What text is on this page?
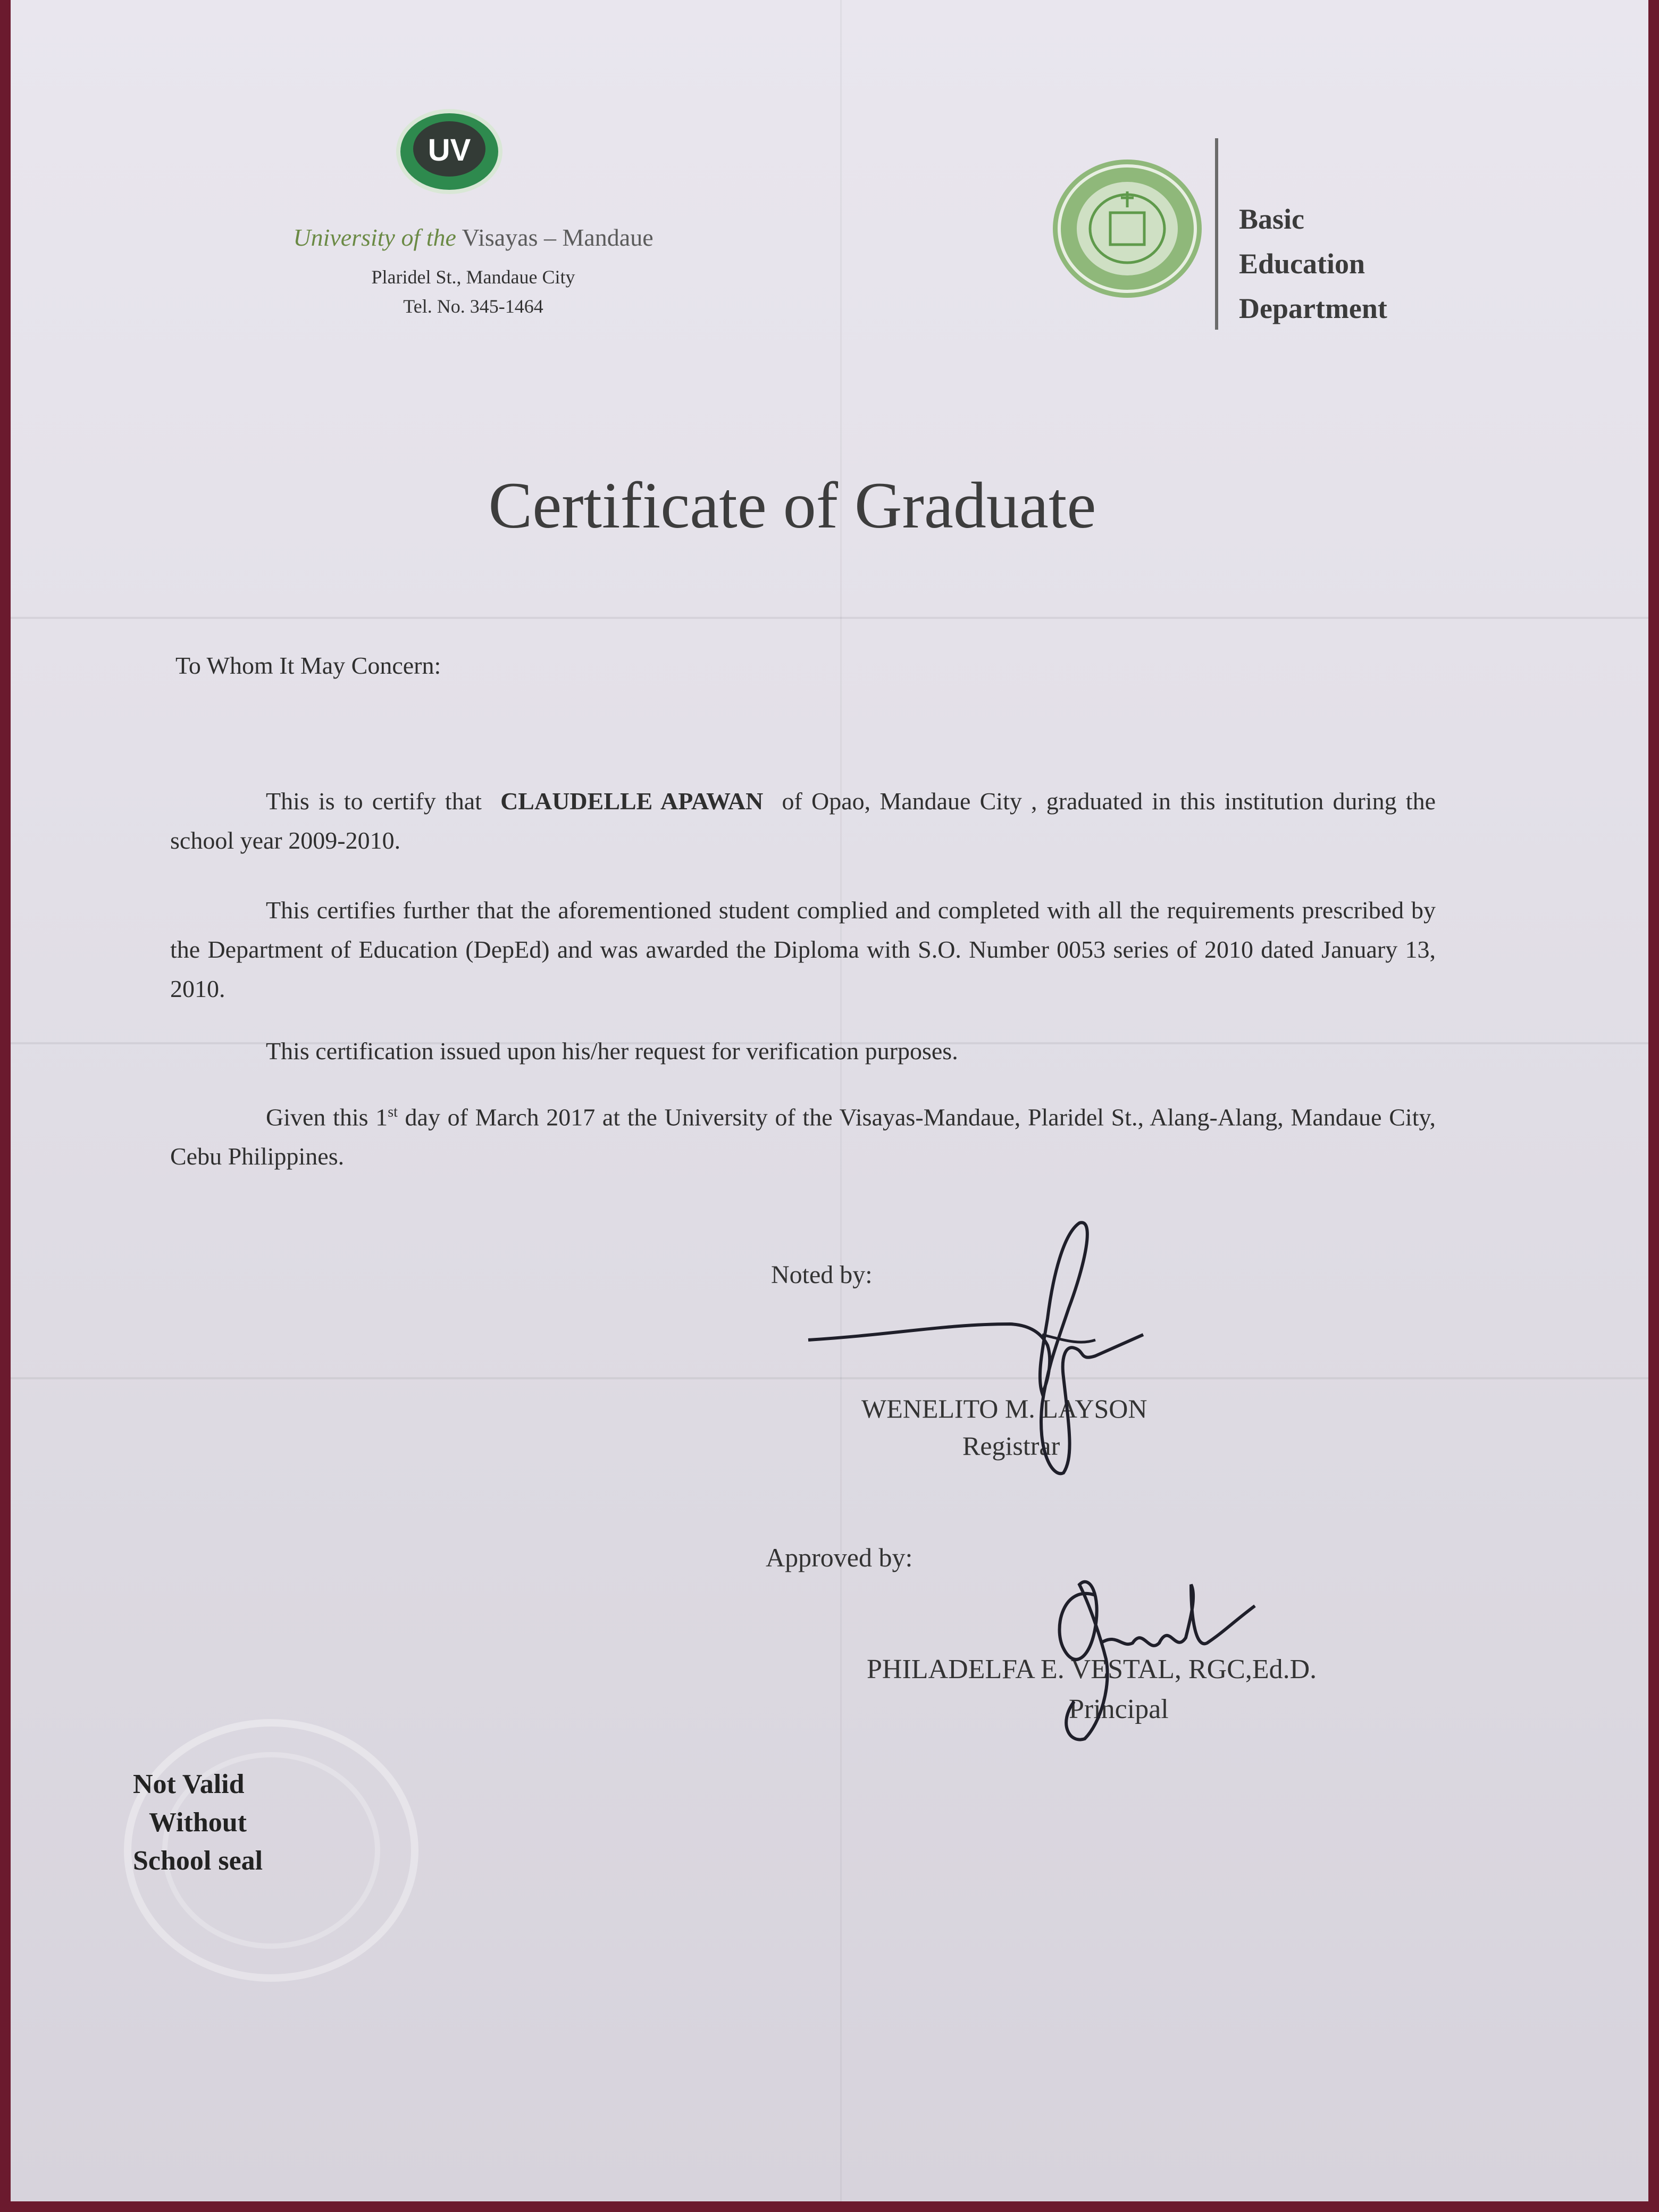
UV
University of the Visayas – Mandaue
Plaridel St., Mandaue City
Tel. No. 345-1464
Basic
Education
Department
Certificate of Graduate
To Whom It May Concern:
This is to certify that CLAUDELLE APAWAN of Opao, Mandaue City , graduated in this institution during the school year 2009-2010.
This certifies further that the aforementioned student complied and completed with all the requirements prescribed by the Department of Education (DepEd) and was awarded the Diploma with S.O. Number 0053 series of 2010 dated January 13, 2010.
This certification issued upon his/her request for verification purposes.
Given this 1st day of March 2017 at the University of the Visayas-Mandaue, Plaridel St., Alang-Alang, Mandaue City, Cebu Philippines.
Noted by:
WENELITO M. LAYSON
Registrar
Approved by:
PHILADELFA E. VESTAL, RGC,Ed.D.
Principal
Not Valid
Without
School seal
